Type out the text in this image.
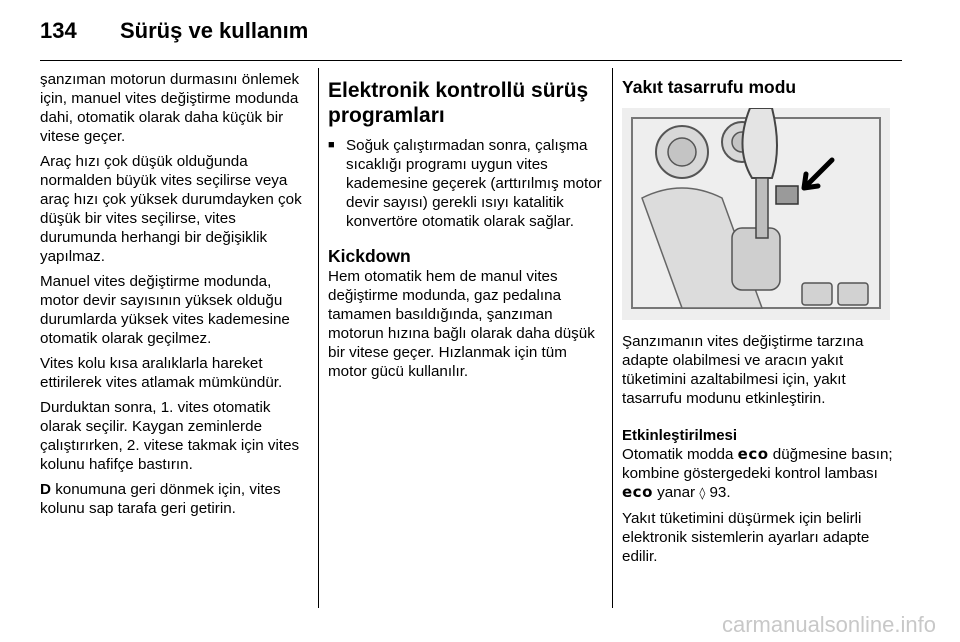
134 Sürüş ve kullanım

şanzıman motorun durmasını önlemek için, manuel vites değiştirme modunda dahi, otomatik olarak daha küçük bir vitese geçer.

Araç hızı çok düşük olduğunda normalden büyük vites seçilirse veya araç hızı çok yüksek durumdayken çok düşük bir vites seçilirse, vites durumunda herhangi bir değişiklik yapılmaz.

Manuel vites değiştirme modunda, motor devir sayısının yüksek olduğu durumlarda yüksek vites kademesine otomatik olarak geçilmez.

Vites kolu kısa aralıklarla hareket ettirilerek vites atlamak mümkündür.

Durduktan sonra, 1. vites otomatik olarak seçilir. Kaygan zeminlerde çalıştırırken, 2. vitese takmak için vites kolunu hafifçe bastırın.

D konumuna geri dönmek için, vites kolunu sap tarafa geri getirin.

Elektronik kontrollü sürüş programları
■ Soğuk çalıştırmadan sonra, çalışma sıcaklığı programı uygun vites kademesine geçerek (arttırılmış motor devir sayısı) gerekli ısıyı katalitik konvertöre otomatik olarak sağlar.
Kickdown

Hem otomatik hem de manul vites değiştirme modunda, gaz pedalına tamamen basıldığında, şanzıman motorun hızına bağlı olarak daha düşük bir vitese geçer. Hızlanmak için tüm motor gücü kullanılır.

Yakıt tasarrufu modu

Şanzımanın vites değiştirme tarzına adapte olabilmesi ve aracın yakıt tüketimini azaltabilmesi için, yakıt tasarrufu modunu etkinleştirin.

Etkinleştirilmesi

Otomatik modda eco düğmesine basın; kombine göstergedeki kontrol lambası eco yanar ◊ 93.

Yakıt tüketimini düşürmek için belirli elektronik sistemlerin ayarları adapte edilir.

carmanualsonline.info
